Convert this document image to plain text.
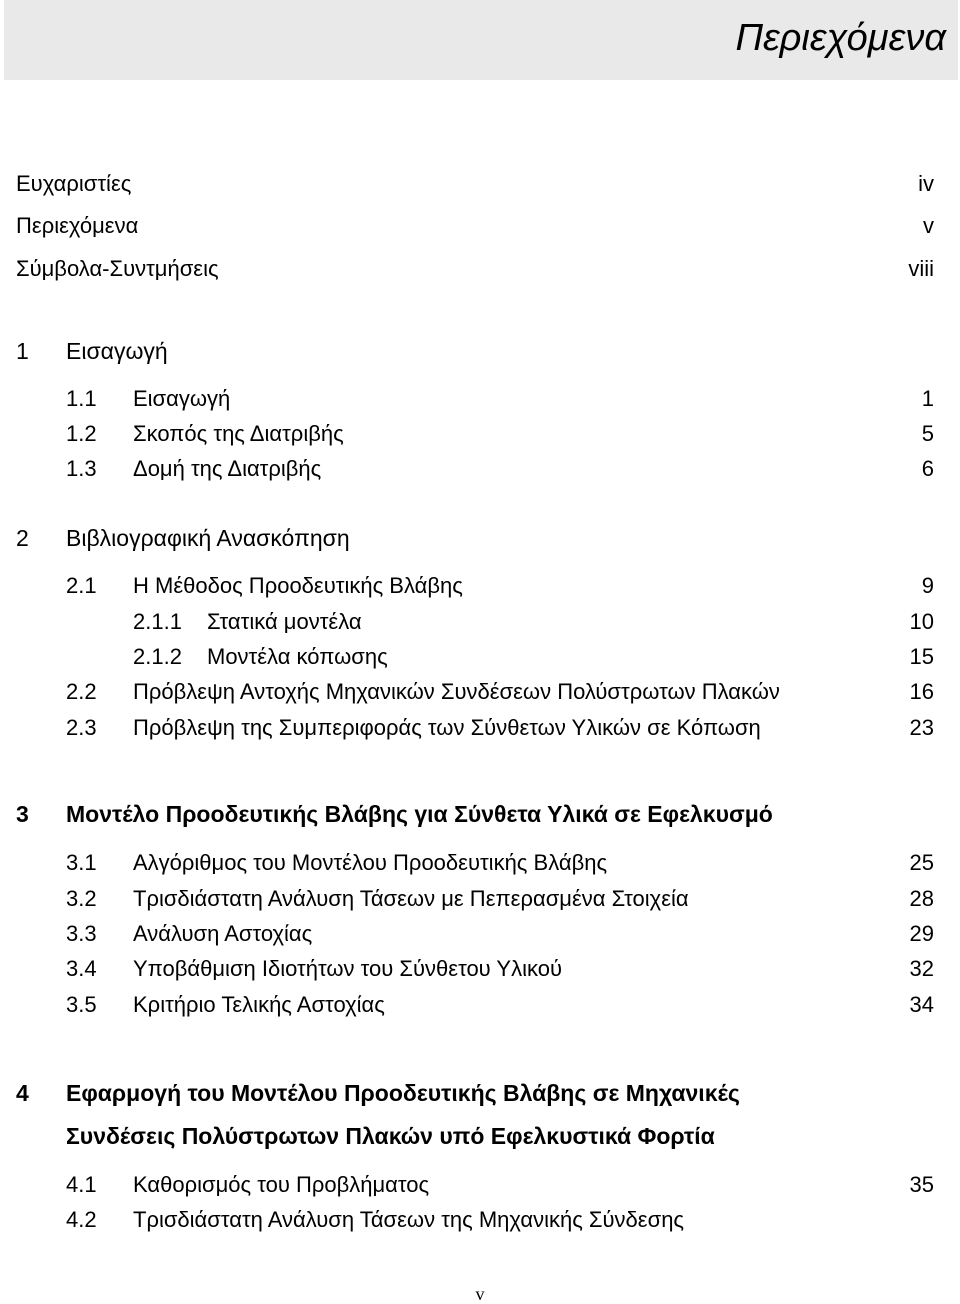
Περιεχόμενα
Ευχαριστίες	iv
Περιεχόμενα	v
Σύμβολα-Συντμήσεις	viii
1 Εισαγωγή
1.1 Εισαγωγή	1
1.2 Σκοπός της Διατριβής	5
1.3 Δομή της Διατριβής	6
2 Βιβλιογραφική Ανασκόπηση
2.1 Η Μέθοδος Προοδευτικής Βλάβης	9
2.1.1 Στατικά μοντέλα	10
2.1.2 Μοντέλα κόπωσης	15
2.2 Πρόβλεψη Αντοχής Μηχανικών Συνδέσεων Πολύστρωτων Πλακών	16
2.3 Πρόβλεψη της Συμπεριφοράς των Σύνθετων Υλικών σε Κόπωση	23
3 Μοντέλο Προοδευτικής Βλάβης για Σύνθετα Υλικά σε Εφελκυσμό
3.1 Αλγόριθμος του Μοντέλου Προοδευτικής Βλάβης	25
3.2 Τρισδιάστατη Ανάλυση Τάσεων με Πεπερασμένα Στοιχεία	28
3.3 Ανάλυση Αστοχίας	29
3.4 Υποβάθμιση Ιδιοτήτων του Σύνθετου Υλικού	32
3.5 Κριτήριο Τελικής Αστοχίας	34
4 Εφαρμογή του Μοντέλου Προοδευτικής Βλάβης σε Μηχανικές
Συνδέσεις Πολύστρωτων Πλακών υπό Εφελκυστικά Φορτία
4.1 Καθορισμός του Προβλήματος	35
4.2 Τρισδιάστατη Ανάλυση Τάσεων της Μηχανικής Σύνδεσης
v
